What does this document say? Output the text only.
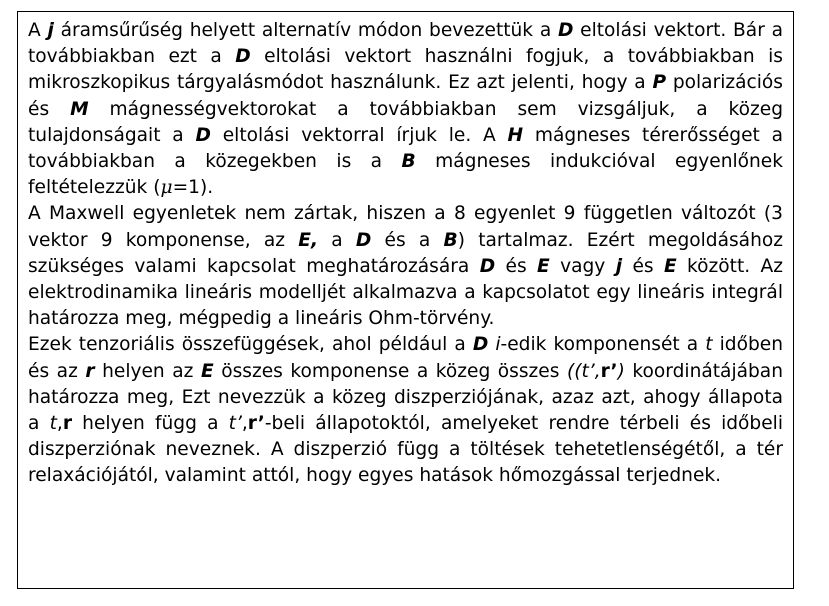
A j áramsűrűség helyett alternatív módon bevezettük a D eltolási vektort. Bár a továbbiakban ezt a D eltolási vektort használni fogjuk, a továbbiakban is mikroszkopikus tárgyalásmódot használunk. Ez azt jelenti, hogy a P polarizációs és M mágnességvektorokat a továbbiakban sem vizsgáljuk, a közeg tulajdonságait a D eltolási vektorral írjuk le. A H mágneses térerősséget a továbbiakban a közegekben is a B mágneses indukcióval egyenlőnek feltételezzük (μ=1).

A Maxwell egyenletek nem zártak, hiszen a 8 egyenlet 9 független változót (3 vektor 9 komponense, az E, a D és a B) tartalmaz. Ezért megoldásához szükséges valami kapcsolat meghatározására D és E vagy j és E között. Az elektrodinamika lineáris modelljét alkalmazva a kapcsolatot egy lineáris integrál határozza meg, mégpedig a lineáris Ohm-törvény.

Ezek tenzoriális összefüggések, ahol például a D i-edik komponensét a t időben és az r helyen az E összes komponense a közeg összes ((t’,r’) koordinátájában határozza meg, Ezt nevezzük a közeg diszperziójának, azaz azt, ahogy állapota a t,r helyen függ a t’,r’-beli állapotoktól, amelyeket rendre térbeli és időbeli diszperziónak neveznek. A diszperzió függ a töltések tehetetlenségétől, a tér relaxációjától, valamint attól, hogy egyes hatások hőmozgással terjednek.
